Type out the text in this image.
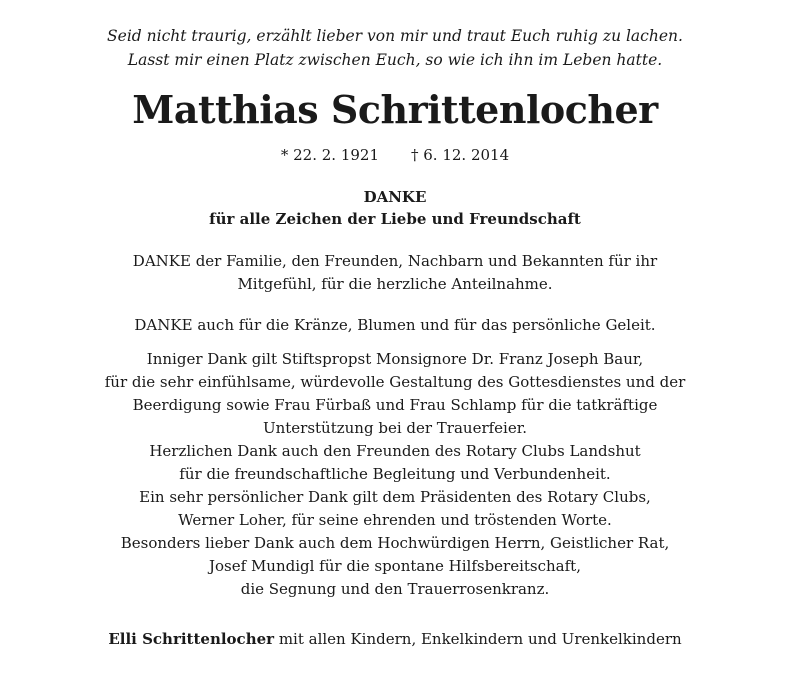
Seid nicht traurig, erzählt lieber von mir und traut Euch ruhig zu lachen.
Lasst mir einen Platz zwischen Euch, so wie ich ihn im Leben hatte.
Matthias Schrittenlocher
* 22. 2. 1921 † 6. 12. 2014
DANKE
für alle Zeichen der Liebe und Freundschaft
DANKE der Familie, den Freunden, Nachbarn und Bekannten für ihr
Mitgefühl, für die herzliche Anteilnahme.
DANKE auch für die Kränze, Blumen und für das persönliche Geleit.
Inniger Dank gilt Stiftspropst Monsignore Dr. Franz Joseph Baur,
für die sehr einfühlsame, würdevolle Gestaltung des Gottesdienstes und der
Beerdigung sowie Frau Fürbaß und Frau Schlamp für die tatkräftige
Unterstützung bei der Trauerfeier.
Herzlichen Dank auch den Freunden des Rotary Clubs Landshut
für die freundschaftliche Begleitung und Verbundenheit.
Ein sehr persönlicher Dank gilt dem Präsidenten des Rotary Clubs,
Werner Loher, für seine ehrenden und tröstenden Worte.
Besonders lieber Dank auch dem Hochwürdigen Herrn, Geistlicher Rat,
Josef Mundigl für die spontane Hilfsbereitschaft,
die Segnung und den Trauerrosenkranz.
Elli Schrittenlocher mit allen Kindern, Enkelkindern und Urenkelkindern
